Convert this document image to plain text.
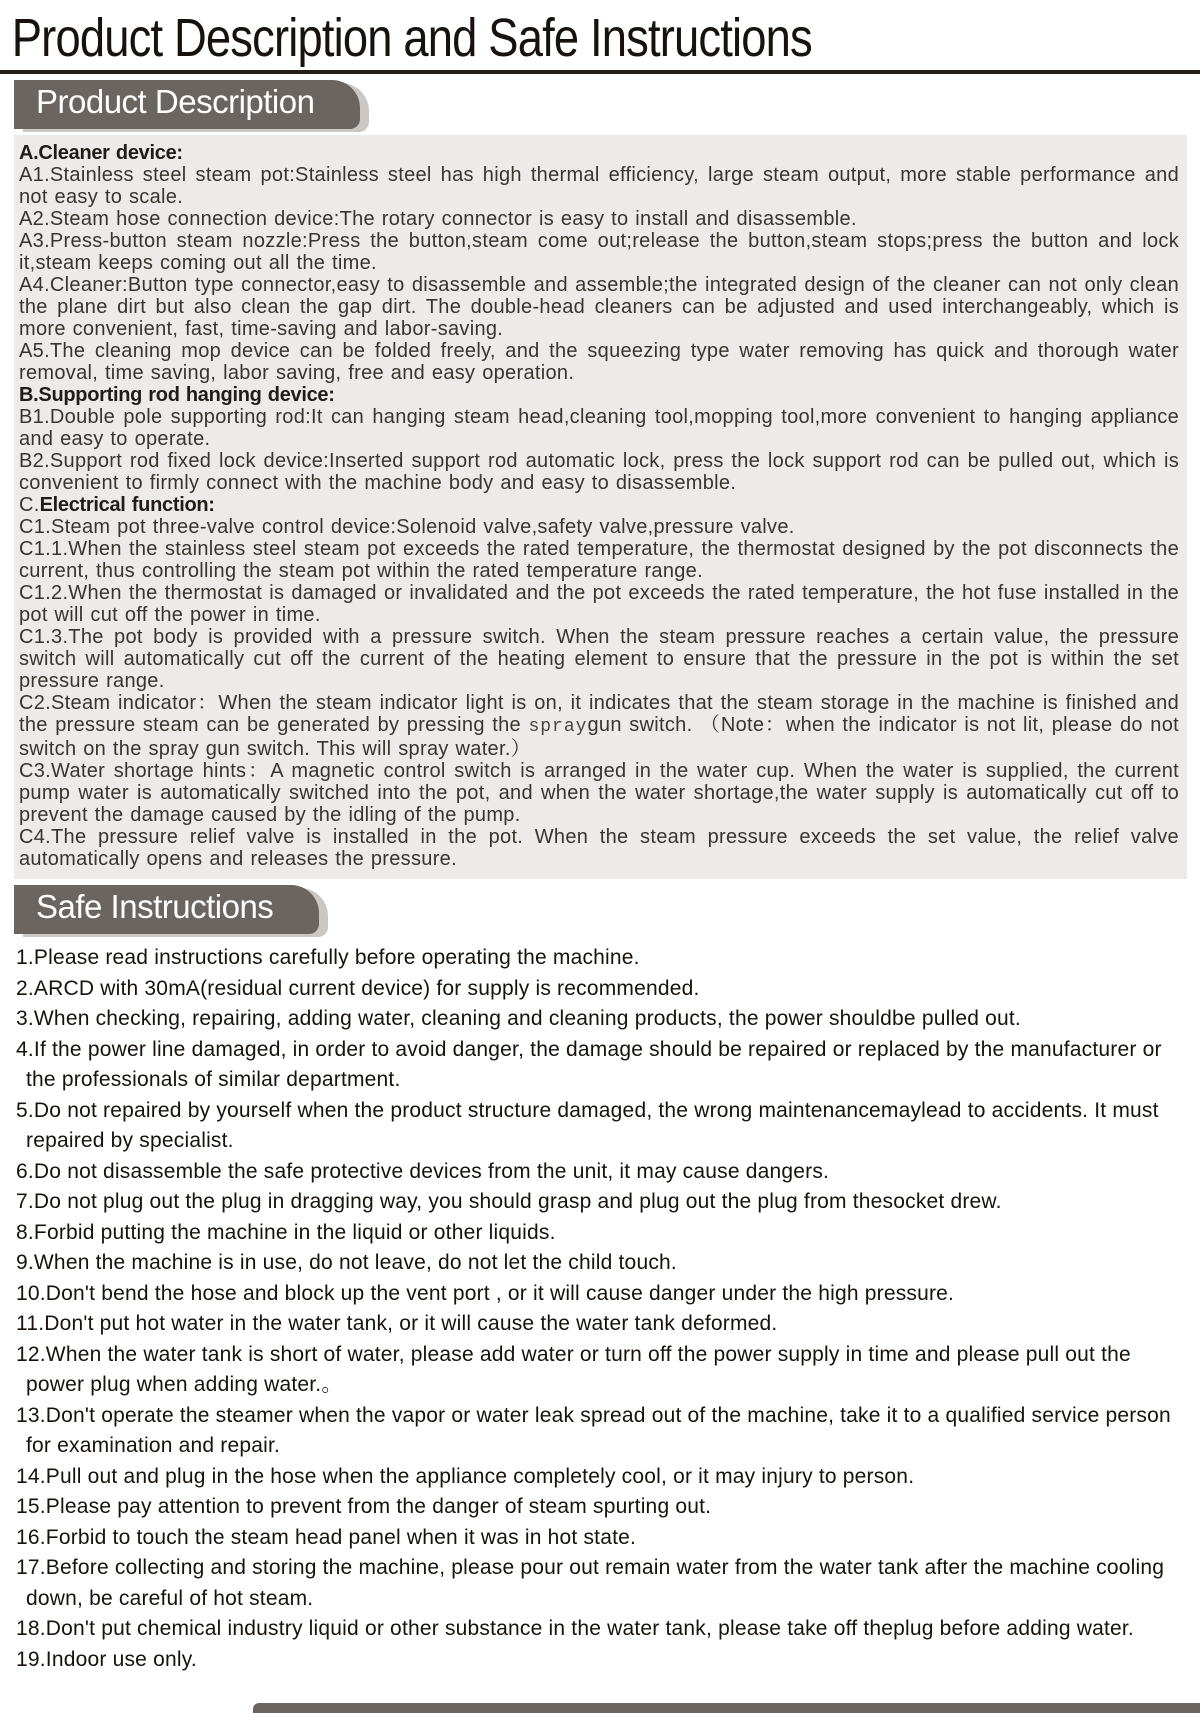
Product Description and Safe Instructions
Product Description

A.Cleaner device:

A1.Stainless steel steam pot:Stainless steel has high thermal efficiency, large steam output, more stable performance and not easy to scale.

A2.Steam hose connection device:The rotary connector is easy to install and disassemble.

A3.Press-button steam nozzle:Press the button,steam come out;release the button,steam stops;press the button and lock it,steam keeps coming out all the time.

A4.Cleaner:Button type connector,easy to disassemble and assemble;the integrated design of the cleaner can not only clean the plane dirt but also clean the gap dirt. The double-head cleaners can be adjusted and used interchangeably, which is more convenient, fast, time-saving and labor-saving.

A5.The cleaning mop device can be folded freely, and the squeezing type water removing has quick and thorough water removal, time saving, labor saving, free and easy operation.

B.Supporting rod hanging device:

B1.Double pole supporting rod:It can hanging steam head,cleaning tool,mopping tool,more convenient to hanging appliance and easy to operate.

B2.Support rod fixed lock device:Inserted support rod automatic lock, press the lock support rod can be pulled out, which is convenient to firmly connect with the machine body and easy to disassemble.

C.Electrical function:

C1.Steam pot three-valve control device:Solenoid valve,safety valve,pressure valve.

C1.1.When the stainless steel steam pot exceeds the rated temperature, the thermostat designed by the pot disconnects the current, thus controlling the steam pot within the rated temperature range.

C1.2.When the thermostat is damaged or invalidated and the pot exceeds the rated temperature, the hot fuse installed in the pot will cut off the power in time.

C1.3.The pot body is provided with a pressure switch. When the steam pressure reaches a certain value, the pressure switch will automatically cut off the current of the heating element to ensure that the pressure in the pot is within the set pressure range.

C2.Steam indicator：When the steam indicator light is on, it indicates that the steam storage in the machine is finished and the pressure steam can be generated by pressing the spraygun switch. （Note：when the indicator is not lit, please do not switch on the spray gun switch. This will spray water.）

C3.Water shortage hints：A magnetic control switch is arranged in the water cup. When the water is supplied, the current pump water is automatically switched into the pot, and when the water shortage,the water supply is automatically cut off to prevent the damage caused by the idling of the pump.

C4.The pressure relief valve is installed in the pot. When the steam pressure exceeds the set value, the relief valve automatically opens and releases the pressure.

Safe Instructions

1.Please read instructions carefully before operating the machine.

2.ARCD with 30mA(residual current device) for supply is recommended.

3.When checking, repairing, adding water, cleaning and cleaning products, the power shouldbe pulled out.

4.If the power line damaged, in order to avoid danger, the damage should be repaired or replaced by the manufacturer or the professionals of similar department.

5.Do not repaired by yourself when the product structure damaged, the wrong maintenancemaylead to accidents. It must repaired by specialist.

6.Do not disassemble the safe protective devices from the unit, it may cause dangers.

7.Do not plug out the plug in dragging way, you should grasp and plug out the plug from thesocket drew.

8.Forbid putting the machine in the liquid or other liquids.

9.When the machine is in use, do not leave, do not let the child touch.

10.Don't bend the hose and block up the vent port , or it will cause danger under the high pressure.

11.Don't put hot water in the water tank, or it will cause the water tank deformed.

12.When the water tank is short of water, please add water or turn off the power supply in time and please pull out the power plug when adding water.。

13.Don't operate the steamer when the vapor or water leak spread out of the machine, take it to a qualified service person for examination and repair.

14.Pull out and plug in the hose when the appliance completely cool, or it may injury to person.

15.Please pay attention to prevent from the danger of steam spurting out.

16.Forbid to touch the steam head panel when it was in hot state.

17.Before collecting and storing the machine, please pour out remain water from the water tank after the machine cooling down, be careful of hot steam.

18.Don't put chemical industry liquid or other substance in the water tank, please take off theplug before adding water.

19.Indoor use only.
